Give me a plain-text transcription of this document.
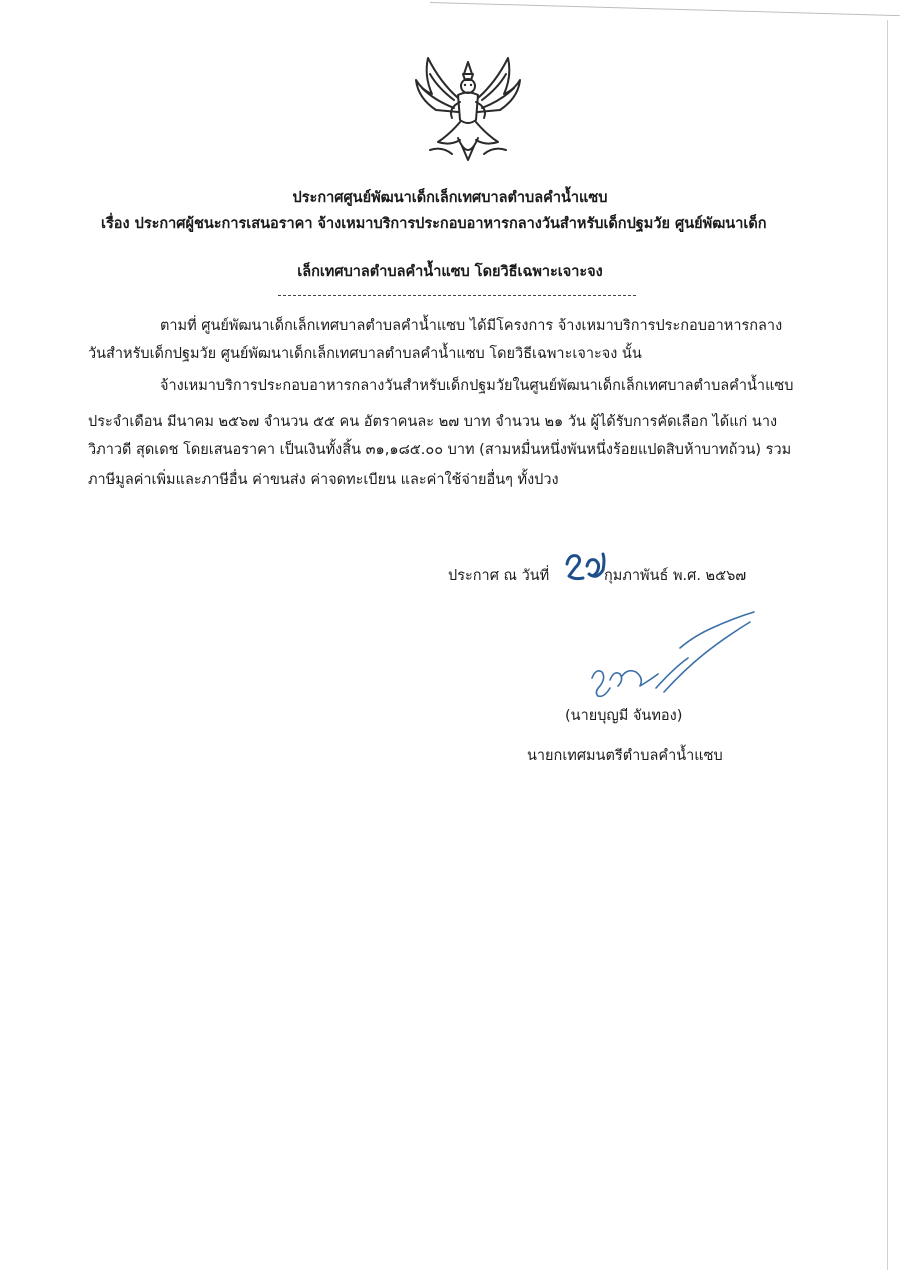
ประกาศศูนย์พัฒนาเด็กเล็กเทศบาลตำบลคำน้ำแซบ
เรื่อง ประกาศผู้ชนะการเสนอราคา จ้างเหมาบริการประกอบอาหารกลางวันสำหรับเด็กปฐมวัย ศูนย์พัฒนาเด็ก
เล็กเทศบาลตำบลคำน้ำแซบ โดยวิธีเฉพาะเจาะจง
ตามที่ ศูนย์พัฒนาเด็กเล็กเทศบาลตำบลคำน้ำแซบ ได้มีโครงการ จ้างเหมาบริการประกอบอาหารกลาง
วันสำหรับเด็กปฐมวัย ศูนย์พัฒนาเด็กเล็กเทศบาลตำบลคำน้ำแซบ โดยวิธีเฉพาะเจาะจง นั้น
จ้างเหมาบริการประกอบอาหารกลางวันสำหรับเด็กปฐมวัยในศูนย์พัฒนาเด็กเล็กเทศบาลตำบลคำน้ำแซบ
ประจำเดือน มีนาคม ๒๕๖๗ จำนวน ๕๕ คน อัตราคนละ ๒๗ บาท จำนวน ๒๑ วัน ผู้ได้รับการคัดเลือก ได้แก่ นาง
วิภาวดี สุดเดช โดยเสนอราคา เป็นเงินทั้งสิ้น ๓๑,๑๘๕.๐๐ บาท (สามหมื่นหนึ่งพันหนึ่งร้อยแปดสิบห้าบาทถ้วน) รวม
ภาษีมูลค่าเพิ่มและภาษีอื่น ค่าขนส่ง ค่าจดทะเบียน และค่าใช้จ่ายอื่นๆ ทั้งปวง
ประกาศ ณ วันที่	กุมภาพันธ์ พ.ศ. ๒๕๖๗
(นายบุญมี จันทอง)
นายกเทศมนตรีตำบลคำน้ำแซบ
